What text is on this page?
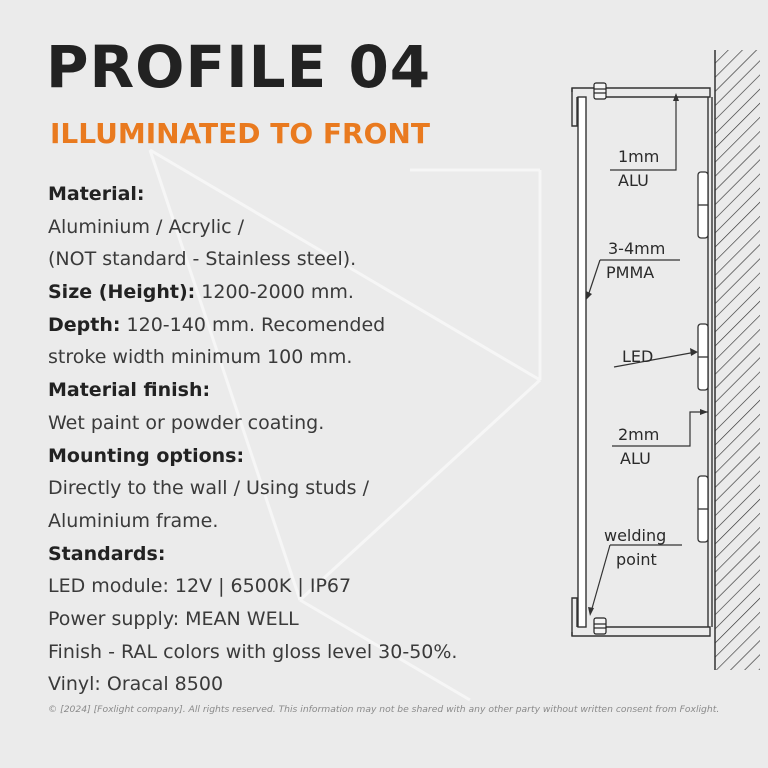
PROFILE 04
ILLUMINATED TO FRONT
Material:
Aluminium / Acrylic /
(NOT standard - Stainless steel).
Size (Height): 1200-2000 mm.
Depth: 120-140 mm. Recomended
stroke width minimum 100 mm.
Material finish:
Wet paint or powder coating.
Mounting options:
Directly to the wall / Using studs /
Aluminium frame.
Standards:
LED module: 12V | 6500K | IP67
Power supply: MEAN WELL
Finish - RAL colors with gloss level 30-50%.
Vinyl: Oracal 8500
1mm
ALU
3-4mm
PMMA
LED
2mm
ALU
welding
point
© [2024] [Foxlight company]. All rights reserved. This information may not be shared with any other party without written consent from Foxlight.
